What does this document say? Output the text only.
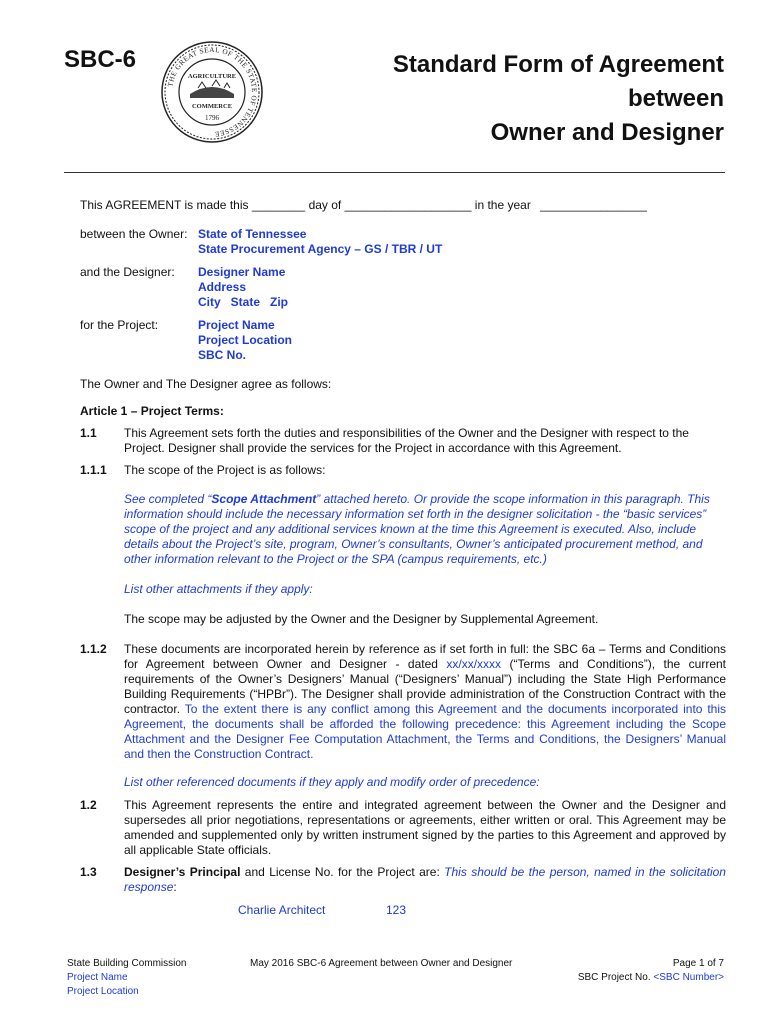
SBC-6
THE GREAT SEAL OF THE STATE OF TENNESSEE
AGRICULTURE
COMMERCE
1796
Standard Form of Agreement
between
Owner and Designer
This AGREEMENT is made this ________ day of ___________________ in the year ________________
between the Owner: State of Tennessee
State Procurement Agency – GS / TBR / UT
and the Designer: Designer Name
Address
City   State   Zip
for the Project:	Project Name
Project Location
SBC No.
The Owner and The Designer agree as follows:
Article 1 – Project Terms:
1.1 This Agreement sets forth the duties and responsibilities of the Owner and the Designer with respect to the Project. Designer shall provide the services for the Project in accordance with this Agreement.
1.1.1 The scope of the Project is as follows:
See completed “Scope Attachment” attached hereto. Or provide the scope information in this paragraph. This information should include the necessary information set forth in the designer solicitation - the “basic services” scope of the project and any additional services known at the time this Agreement is executed. Also, include details about the Project’s site, program, Owner’s consultants, Owner’s anticipated procurement method, and other information relevant to the Project or the SPA (campus requirements, etc.)
List other attachments if they apply:
The scope may be adjusted by the Owner and the Designer by Supplemental Agreement.
1.1.2 These documents are incorporated herein by reference as if set forth in full: the SBC 6a – Terms and Conditions for Agreement between Owner and Designer - dated xx/xx/xxxx (“Terms and Conditions”), the current requirements of the Owner’s Designers’ Manual (“Designers’ Manual”) including the State High Performance Building Requirements (“HPBr”). The Designer shall provide administration of the Construction Contract with the contractor. To the extent there is any conflict among this Agreement and the documents incorporated into this Agreement, the documents shall be afforded the following precedence: this Agreement including the Scope Attachment and the Designer Fee Computation Attachment, the Terms and Conditions, the Designers’ Manual and then the Construction Contract.
List other referenced documents if they apply and modify order of precedence:
1.2 This Agreement represents the entire and integrated agreement between the Owner and the Designer and supersedes all prior negotiations, representations or agreements, either written or oral. This Agreement may be amended and supplemented only by written instrument signed by the parties to this Agreement and approved by all applicable State officials.
1.3 Designer’s Principal and License No. for the Project are: This should be the person, named in the solicitation response:
Charlie Architect	123
State Building Commission
Project Name
Project Location
May 2016 SBC-6 Agreement between Owner and Designer	Page 1 of 7
SBC Project No. <SBC Number>
